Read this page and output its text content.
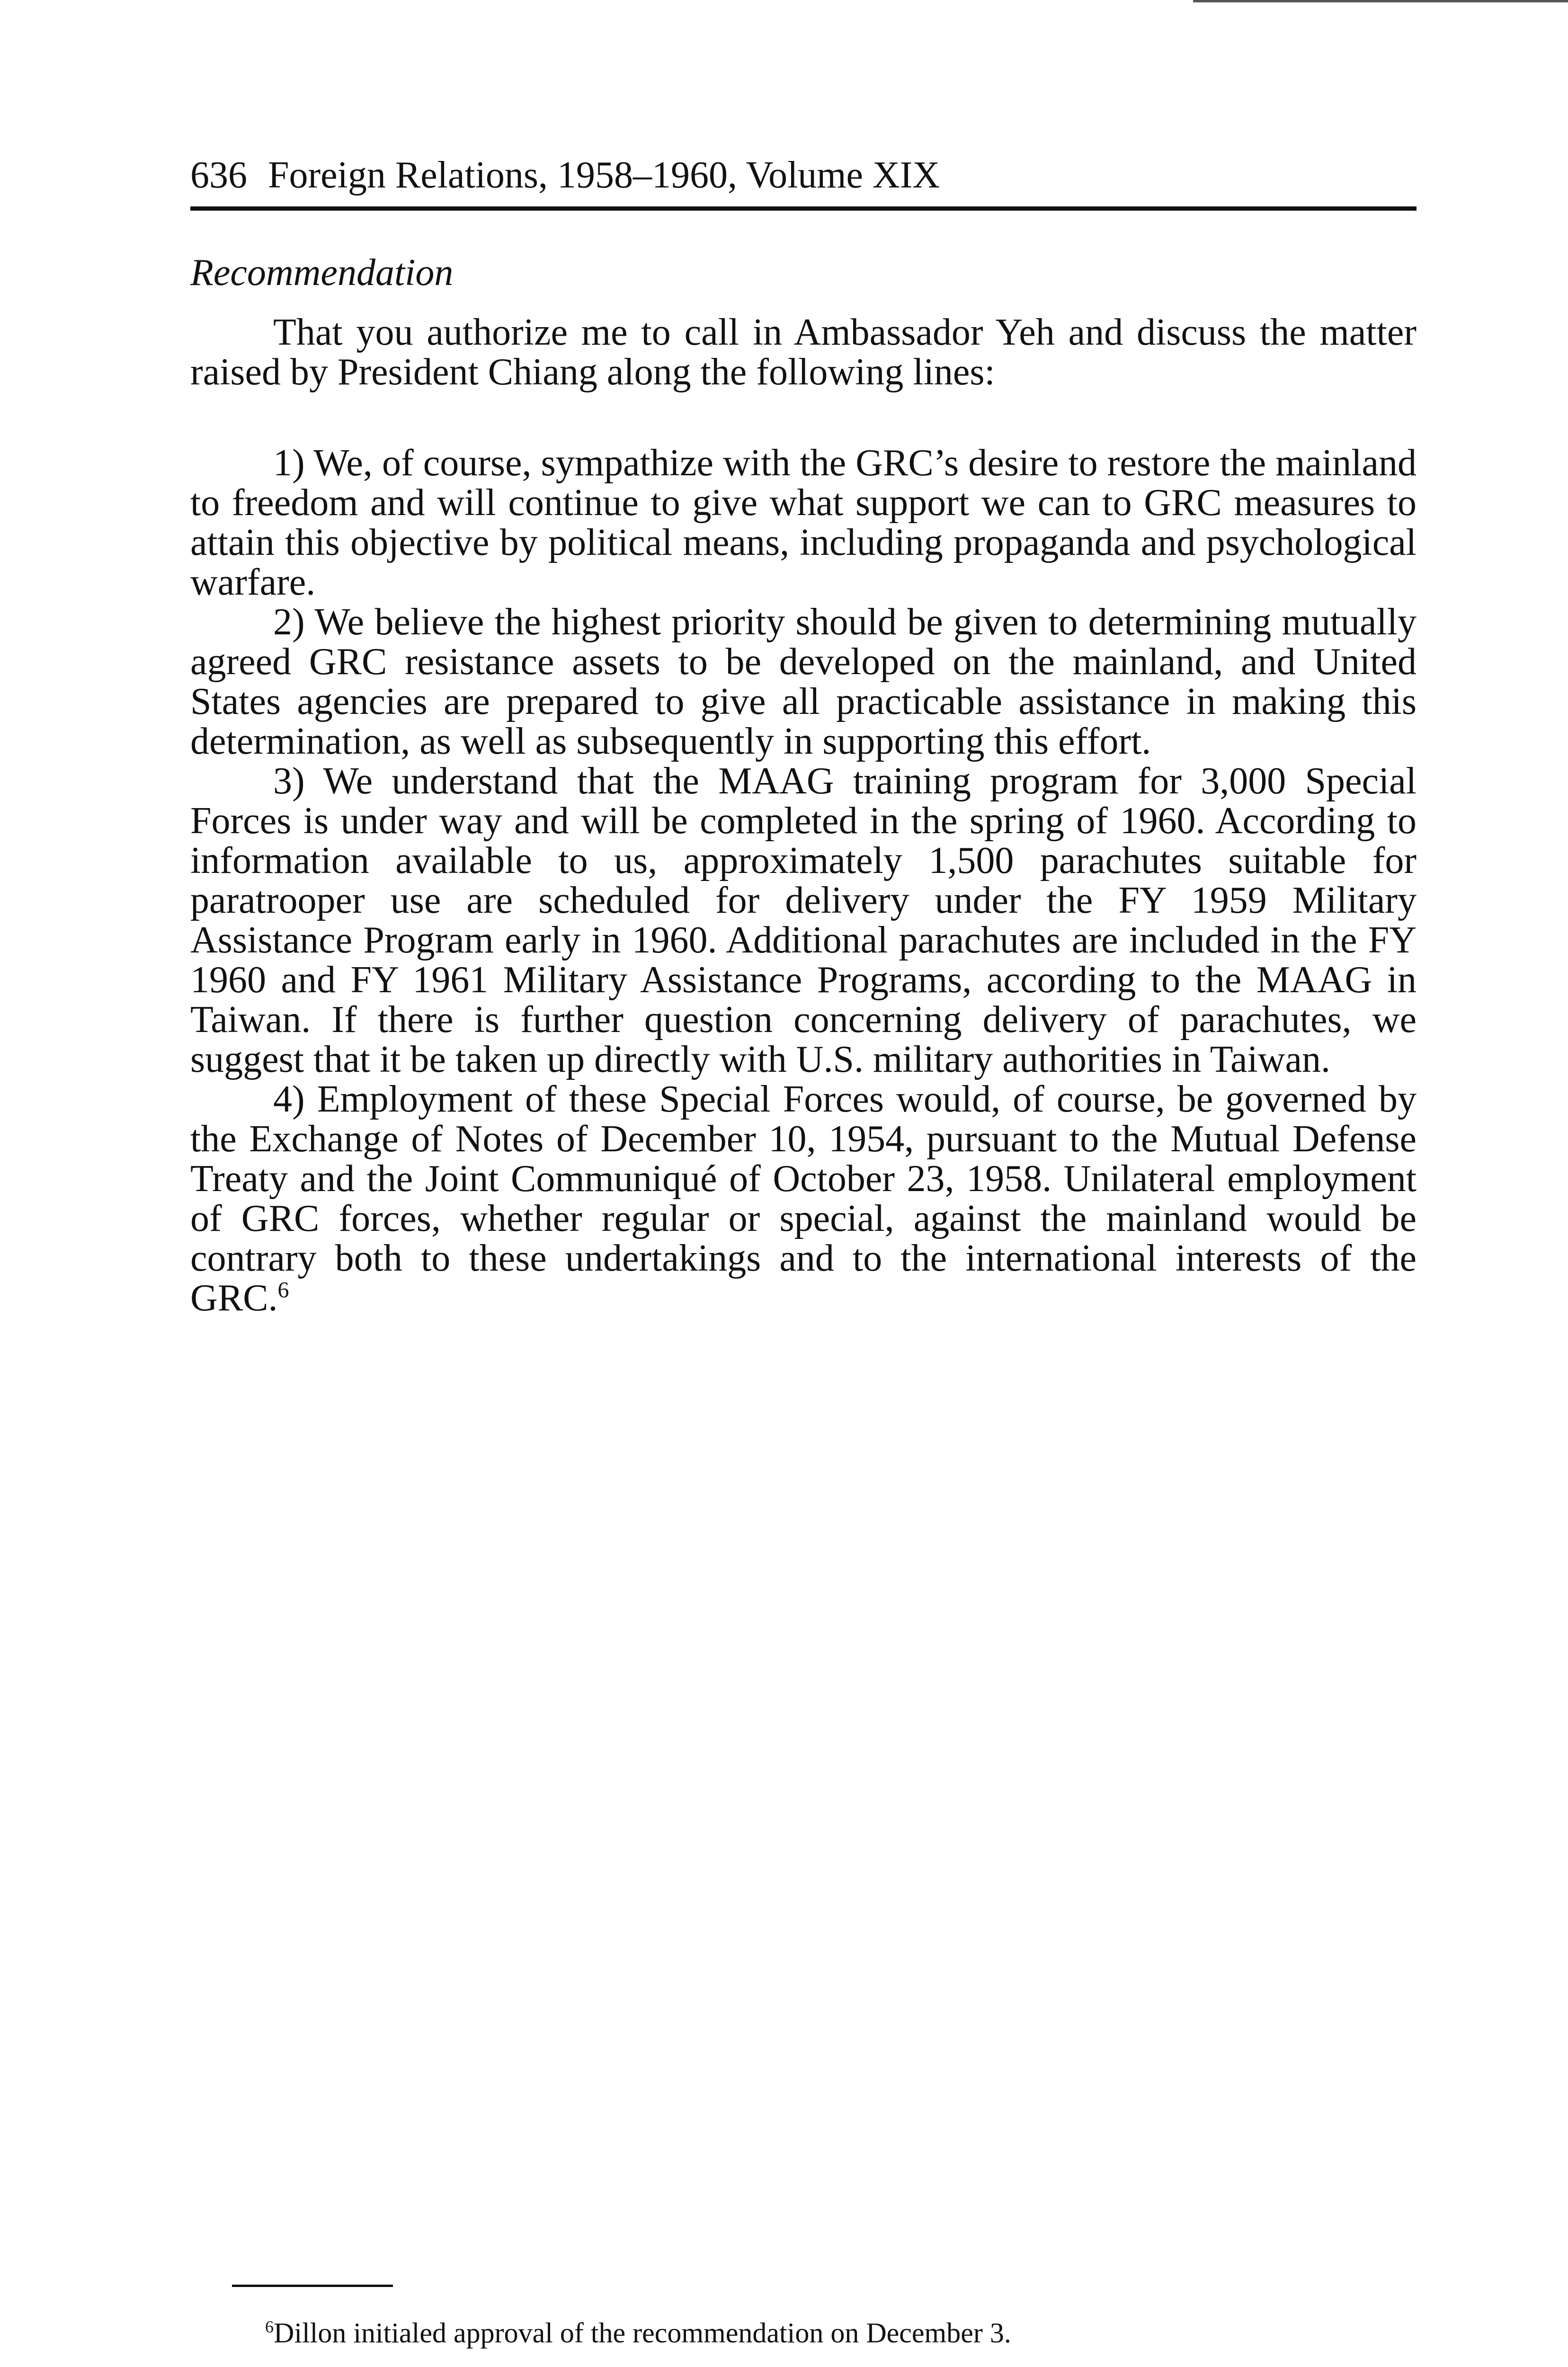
636 Foreign Relations, 1958–1960, Volume XIX
Recommendation

That you authorize me to call in Ambassador Yeh and discuss the matter raised by President Chiang along the following lines:

1) We, of course, sympathize with the GRC’s desire to restore the mainland to freedom and will continue to give what support we can to GRC measures to attain this objective by political means, including propaganda and psychological warfare.

2) We believe the highest priority should be given to determining mutually agreed GRC resistance assets to be developed on the mainland, and United States agencies are prepared to give all practicable assistance in making this determination, as well as subsequently in supporting this effort.

3) We understand that the MAAG training program for 3,000 Special Forces is under way and will be completed in the spring of 1960. According to information available to us, approximately 1,500 parachutes suitable for paratrooper use are scheduled for delivery under the FY 1959 Military Assistance Program early in 1960. Additional parachutes are included in the FY 1960 and FY 1961 Military Assistance Programs, according to the MAAG in Taiwan. If there is further question concerning delivery of parachutes, we suggest that it be taken up directly with U.S. military authorities in Taiwan.

4) Employment of these Special Forces would, of course, be governed by the Exchange of Notes of December 10, 1954, pursuant to the Mutual Defense Treaty and the Joint Communiqué of October 23, 1958. Unilateral employment of GRC forces, whether regular or special, against the mainland would be contrary both to these undertakings and to the international interests of the GRC.$^6$

$^6$Dillon initialed approval of the recommendation on December 3.
